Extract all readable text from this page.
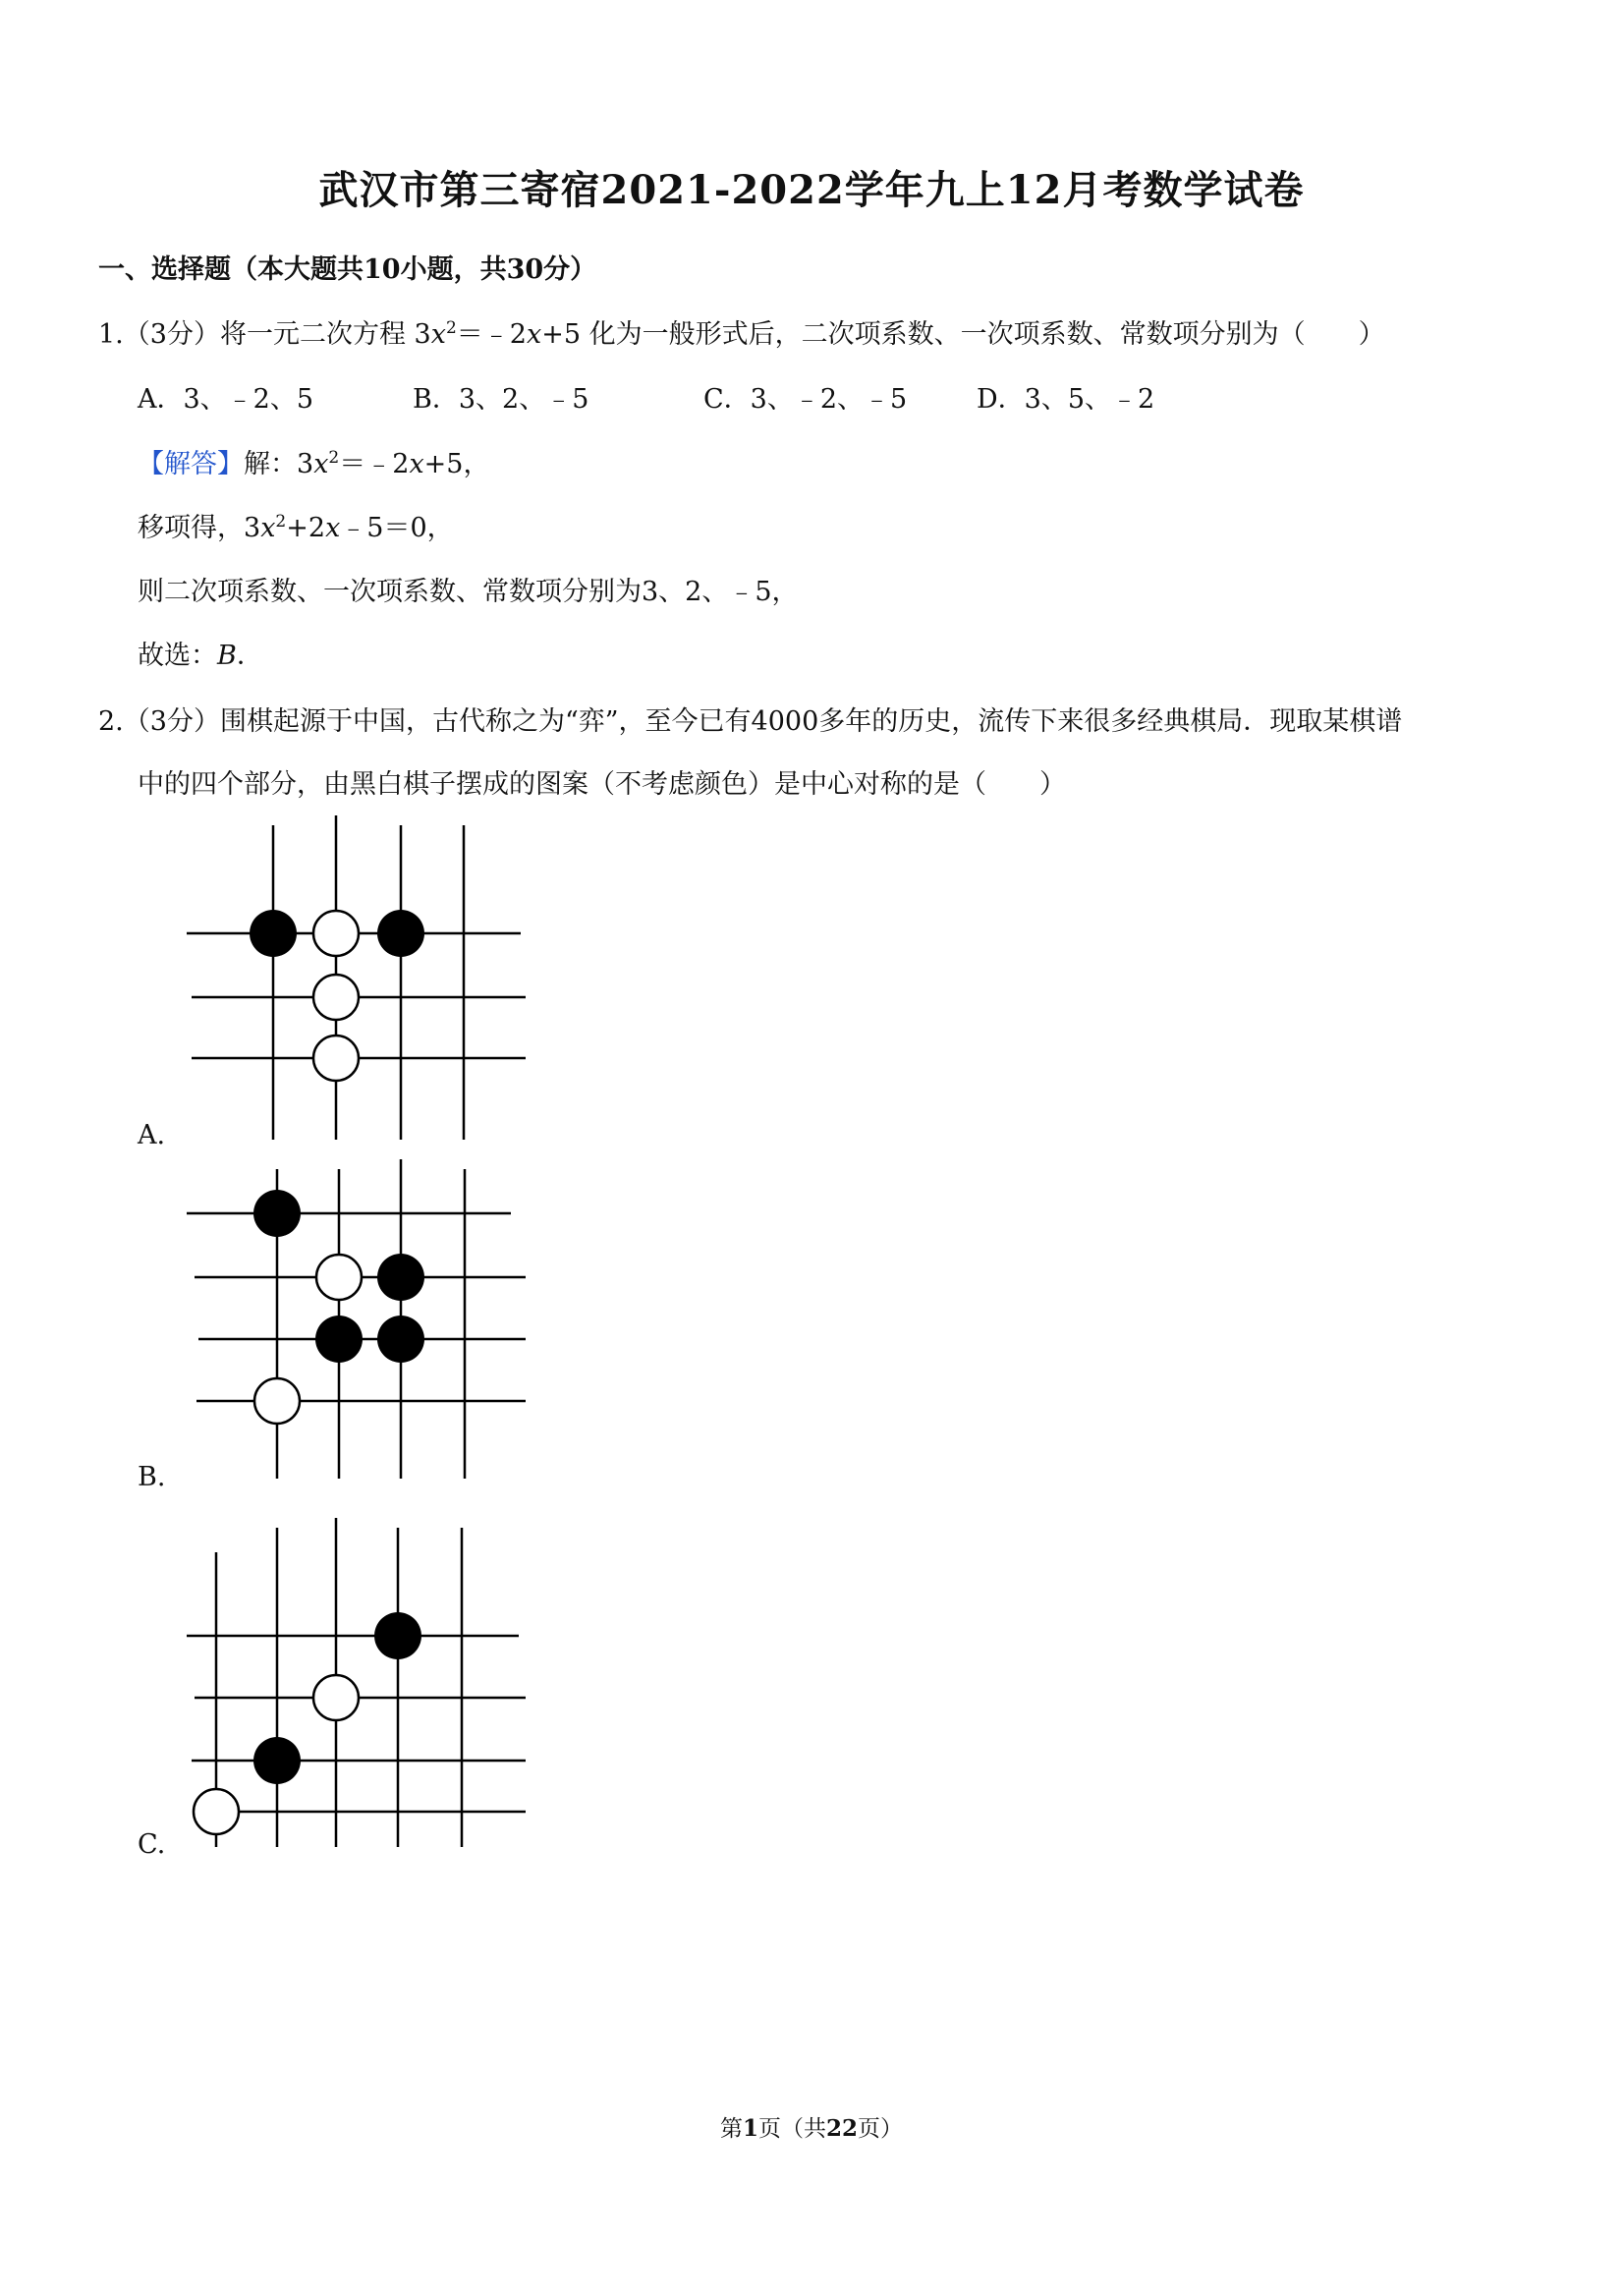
武汉市第三寄宿2021-2022学年九上12月考数学试卷
一、选择题（本大题共10小题，共30分）
1.（3分）将一元二次方程 $3x^2=﹣2x+5$ 化为一般形式后，二次项系数、一次项系数、常数项分别为（　　）
A．3、﹣2、5	B．3、2、﹣5	C．3、﹣2、﹣5	D．3、5、﹣2
【解答】解：$3x^2=﹣2x+5$，
移项得，$3x^2+2x﹣5=0$，
则二次项系数、一次项系数、常数项分别为3、2、﹣5，
故选：B．
2.（3分）围棋起源于中国，古代称之为“弈”，至今已有4000多年的历史，流传下来很多经典棋局．现取某棋谱
中的四个部分，由黑白棋子摆成的图案（不考虑颜色）是中心对称的是（　　）
A.
B.
C.
第1页（共22页）
